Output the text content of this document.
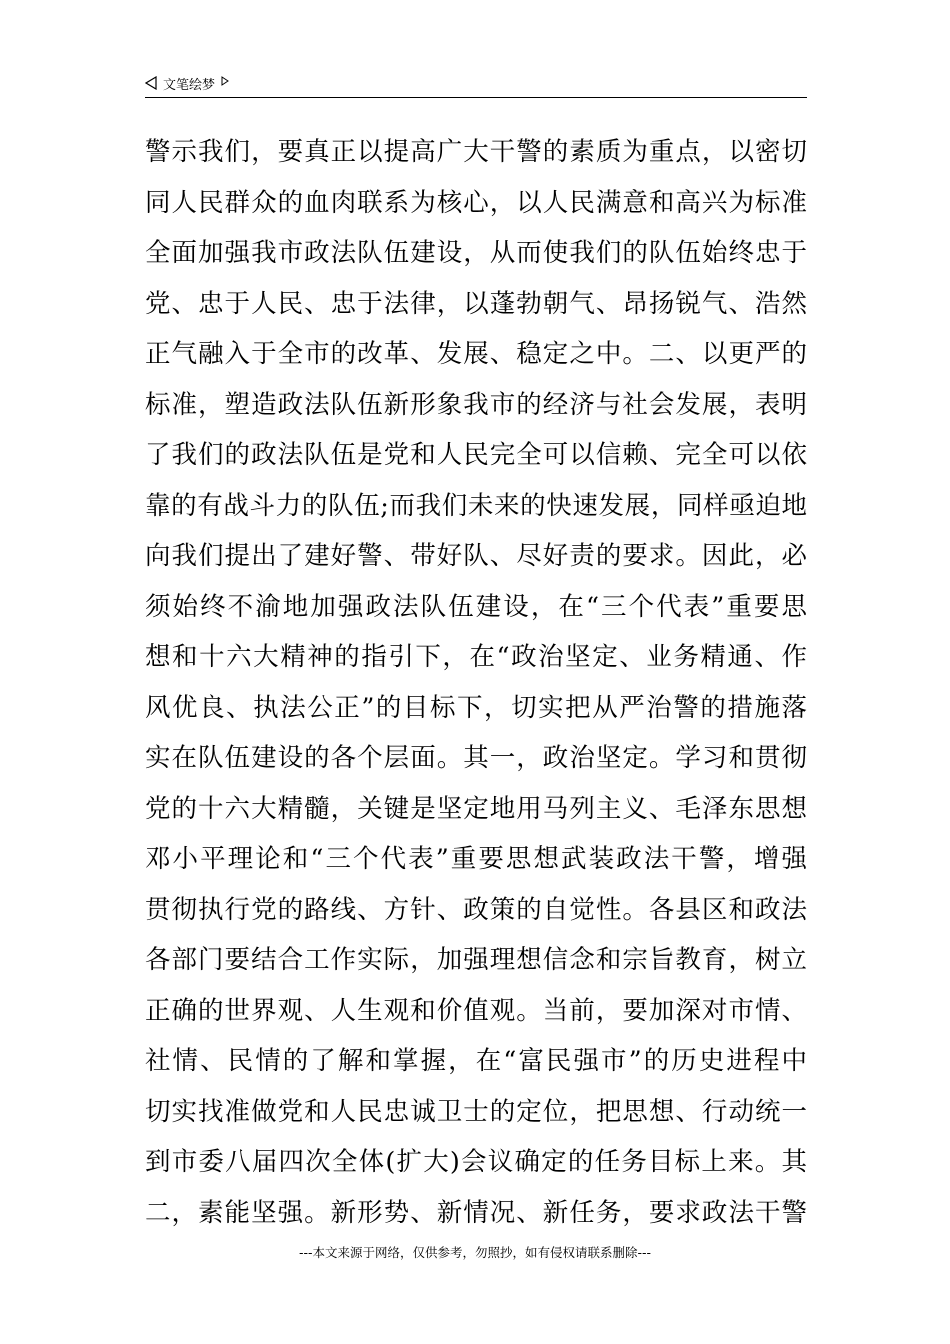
文笔绘梦
警示我们，要真正以提高广大干警的素质为重点，以密切
同人民群众的血肉联系为核心，以人民满意和高兴为标准
全面加强我市政法队伍建设，从而使我们的队伍始终忠于
党、忠于人民、忠于法律，以蓬勃朝气、昂扬锐气、浩然
正气融入于全市的改革、发展、稳定之中。二、以更严的
标准，塑造政法队伍新形象我市的经济与社会发展，表明
了我们的政法队伍是党和人民完全可以信赖、完全可以依
靠的有战斗力的队伍;而我们未来的快速发展，同样亟迫地
向我们提出了建好警、带好队、尽好责的要求。因此，必
须始终不渝地加强政法队伍建设，在“三个代表”重要思
想和十六大精神的指引下，在“政治坚定、业务精通、作
风优良、执法公正”的目标下，切实把从严治警的措施落
实在队伍建设的各个层面。其一，政治坚定。学习和贯彻
党的十六大精髓，关键是坚定地用马列主义、毛泽东思想
邓小平理论和“三个代表”重要思想武装政法干警，增强
贯彻执行党的路线、方针、政策的自觉性。各县区和政法
各部门要结合工作实际，加强理想信念和宗旨教育，树立
正确的世界观、人生观和价值观。当前，要加深对市情、
社情、民情的了解和掌握，在“富民强市”的历史进程中
切实找准做党和人民忠诚卫士的定位，把思想、行动统一
到市委八届四次全体(扩大)会议确定的任务目标上来。其
二，素能坚强。新形势、新情况、新任务，要求政法干警
---本文来源于网络，仅供参考，勿照抄，如有侵权请联系删除---
